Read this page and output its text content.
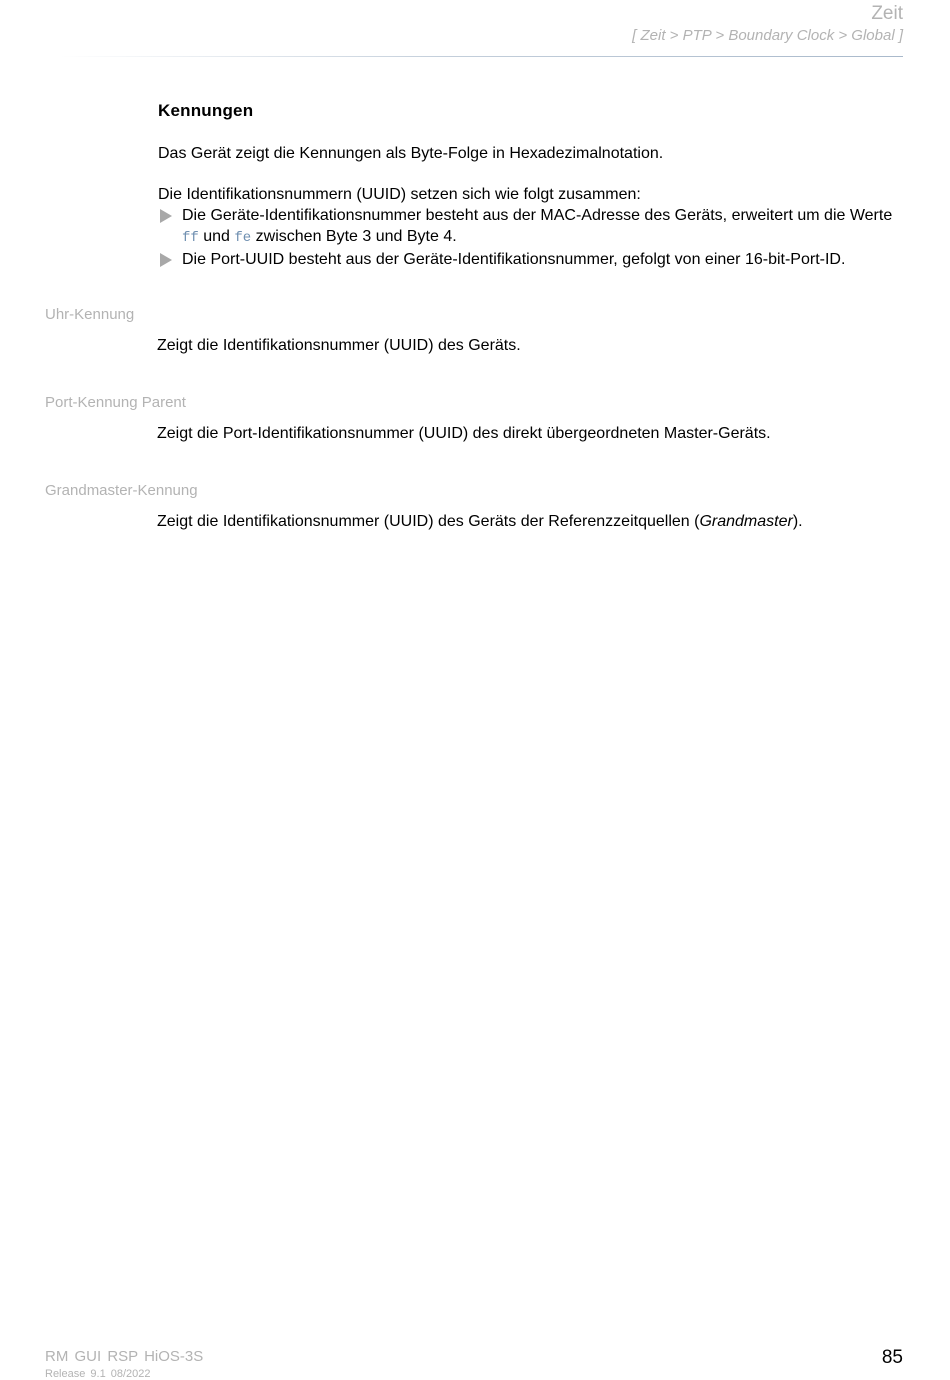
Zeit
[ Zeit > PTP > Boundary Clock > Global ]
Kennungen
Das Gerät zeigt die Kennungen als Byte-Folge in Hexadezimalnotation.
Die Identifikationsnummern (UUID) setzen sich wie folgt zusammen:
Die Geräte-Identifikationsnummer besteht aus der MAC-Adresse des Geräts, erweitert um die Werte ff und fe zwischen Byte 3 und Byte 4.
Die Port-UUID besteht aus der Geräte-Identifikationsnummer, gefolgt von einer 16-bit-Port-ID.
Uhr-Kennung
Zeigt die Identifikationsnummer (UUID) des Geräts.
Port-Kennung Parent
Zeigt die Port-Identifikationsnummer (UUID) des direkt übergeordneten Master-Geräts.
Grandmaster-Kennung
Zeigt die Identifikationsnummer (UUID) des Geräts der Referenzzeitquellen (Grandmaster).
RM GUI RSP HiOS-3S
Release 9.1 08/2022
85
